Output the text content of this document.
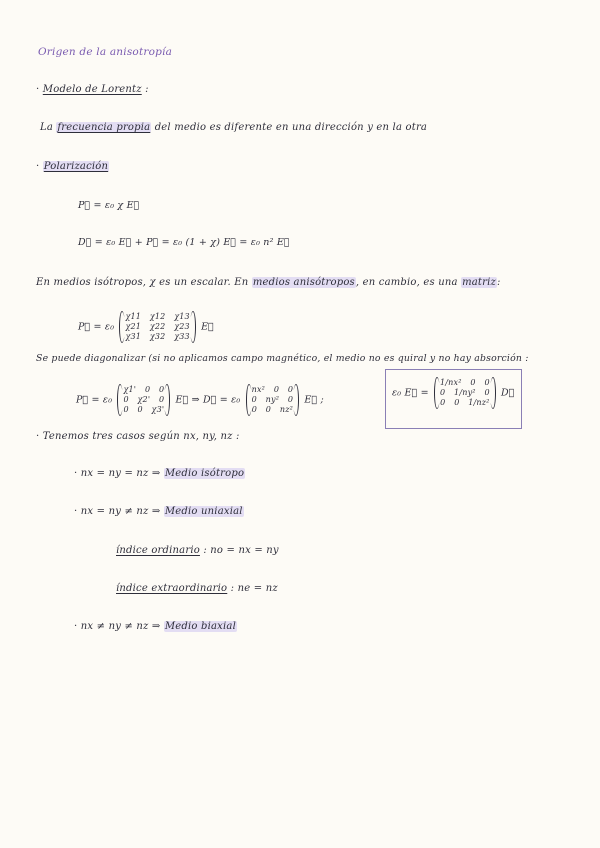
Origen de la anisotropía
· Modelo de Lorentz :
La frecuencia propia del medio es diferente en una dirección y en la otra
· Polarización
P⃗ = ε₀ χ E⃗
D⃗ = ε₀ E⃗ + P⃗ = ε₀ (1 + χ) E⃗ = ε₀ n² E⃗
En medios isótropos, χ es un escalar. En medios anisótropos, en cambio, es una matriz:
P⃗ = ε₀
χ11 χ12 χ13
χ21 χ22 χ23
χ31 χ32 χ33
E⃗
Se puede diagonalizar (si no aplicamos campo magnético, el medio no es quiral y no hay absorción :
P⃗ = ε₀
χ1' 0 0
0 χ2' 0
0 0 χ3'
E⃗ ⇒ D⃗ = ε₀
nx² 0 0
0 ny² 0
0 0 nz²
E⃗ ;
ε₀ E⃗ =
1/nx² 0 0
0 1/ny² 0
0 0 1/nz²
D⃗
· Tenemos tres casos según nx, ny, nz :
· nx = ny = nz ⇒ Medio isótropo
· nx = ny ≠ nz ⇒ Medio uniaxial
índice ordinario : no = nx = ny
índice extraordinario : ne = nz
· nx ≠ ny ≠ nz ⇒ Medio biaxial
